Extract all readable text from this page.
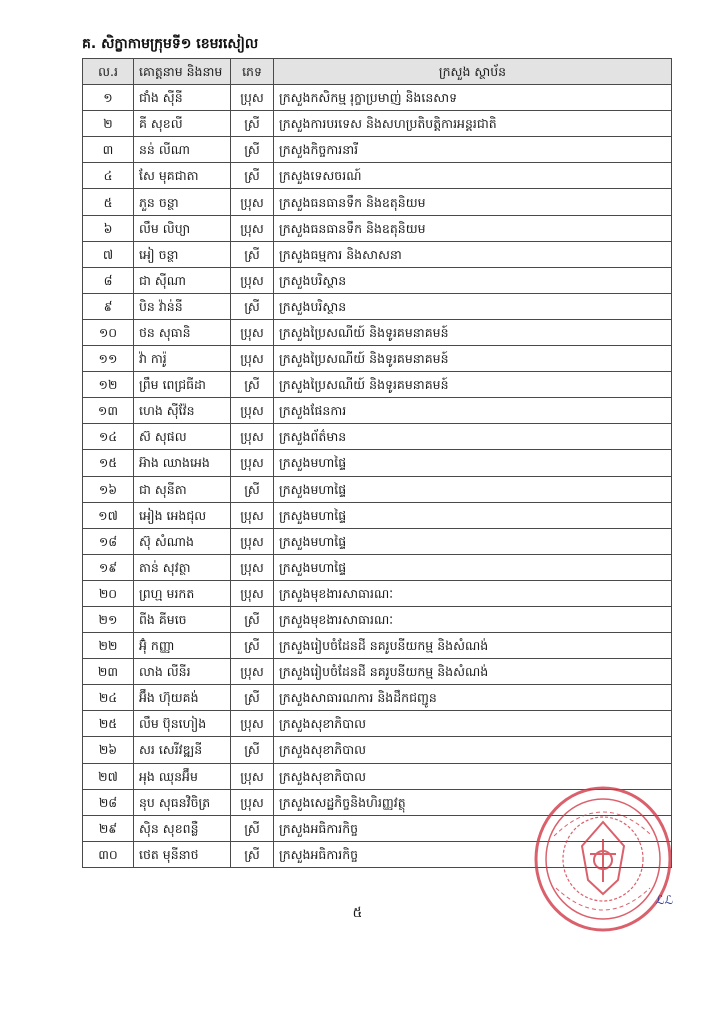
គ. សិក្ខាកាមក្រុមទី១ ខេមរសៀល
ល.រ	គោត្តនាម និងនាម	ភេទ	ក្រសួង ស្ថាប័ន
១	ជាំង ស៊ីនី	ប្រុស	ក្រសួងកសិកម្ម រុក្ខាប្រមាញ់ និងនេសាទ
២	គី សុខលី	ស្រី	ក្រសួងការបរទេស និងសហប្រតិបត្តិការអន្តរជាតិ
៣	នន់ លីណា	ស្រី	ក្រសួងកិច្ចការនារី
៤	សែ មុគជាតា	ស្រី	ក្រសួងទេសចរណ៍
៥	ភួន ចន្ថា	ប្រុស	ក្រសួងធនធានទឹក និងឧតុនិយម
៦	លឹម លិប្យា	ប្រុស	ក្រសួងធនធានទឹក និងឧតុនិយម
៧	អៀ ចន្ថា	ស្រី	ក្រសួងធម្មការ និងសាសនា
៨	ជា ស៊ីណា	ប្រុស	ក្រសួងបរិស្ថាន
៩	បិន វ៉ាន់នី	ស្រី	ក្រសួងបរិស្ថាន
១០	ថន សុធានិ	ប្រុស	ក្រសួងប្រៃសណីយ៍ និងទូរគមនាគមន៍
១១	វ៉ា ការ៉ូ	ប្រុស	ក្រសួងប្រៃសណីយ៍ និងទូរគមនាគមន៍
១២	ព្រឹម ពេជ្រធីដា	ស្រី	ក្រសួងប្រៃសណីយ៍ និងទូរគមនាគមន៍
១៣	ហេង ស៊ីវ៉ែន	ប្រុស	ក្រសួងផែនការ
១៤	ស៊ សុផល	ប្រុស	ក្រសួងព័ត៌មាន
១៥	អ៊ាង ឈាងអេង	ប្រុស	ក្រសួងមហាផ្ទៃ
១៦	ជា សុនីតា	ស្រី	ក្រសួងមហាផ្ទៃ
១៧	អៀង អេងជុល	ប្រុស	ក្រសួងមហាផ្ទៃ
១៨	ស៊ុ សំណាង	ប្រុស	ក្រសួងមហាផ្ទៃ
១៩	តាន់ សុវត្ថា	ប្រុស	ក្រសួងមហាផ្ទៃ
២០	ព្រហ្ម មរកត	ប្រុស	ក្រសួងមុខងារសាធារណៈ
២១	ពីង គីមចេ	ស្រី	ក្រសួងមុខងារសាធារណៈ
២២	អ៊ុំ កញ្ញា	ស្រី	ក្រសួងរៀបចំដែនដី នគរូបនីយកម្ម និងសំណង់
២៣	លាង លីនីរ	ប្រុស	ក្រសួងរៀបចំដែនដី នគរូបនីយកម្ម និងសំណង់
២៤	អ៊ឹង ហ៊ុយគង់	ស្រី	ក្រសួងសាធារណការ និងដឹកជញ្ជូន
២៥	លឹម ប៊ុនហៀង	ប្រុស	ក្រសួងសុខាភិបាល
២៦	សរ សេរីវឌ្ឍនី	ស្រី	ក្រសួងសុខាភិបាល
២៧	អុង ឈុនអ៊ឹម	ប្រុស	ក្រសួងសុខាភិបាល
២៨	នុប សុធនវិចិត្រ	ប្រុស	ក្រសួងសេដ្ឋកិច្ចនិងហិរញ្ញវត្ថុ
២៩	ស៊ិន សុខពន្លឺ	ស្រី	ក្រសួងអធិការកិច្ច
៣០	ថេត មុនីនាថ	ស្រី	ក្រសួងអធិការកិច្ច
ℒℒ
៥
